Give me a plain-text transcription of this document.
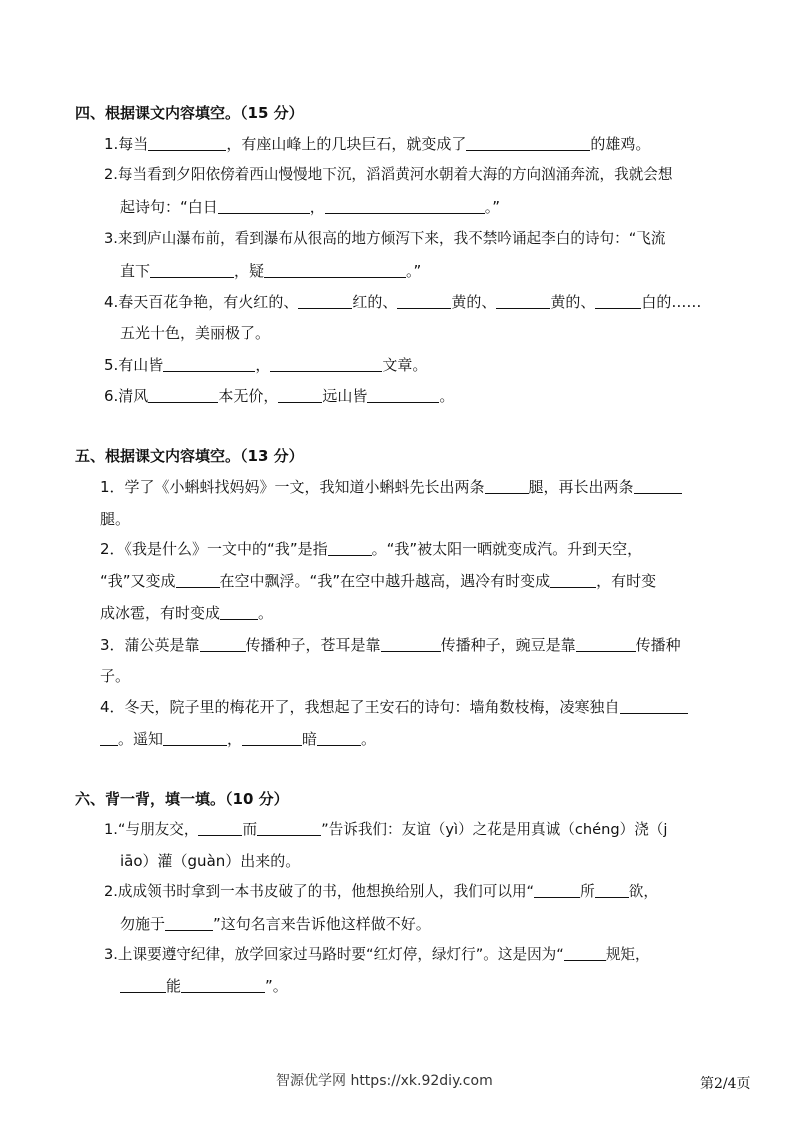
四、根据课文内容填空。（15 分）
1.每当	，有座山峰上的几块巨石，就变成了	的雄鸡。
2.每当看到夕阳依傍着西山慢慢地下沉，滔滔黄河水朝着大海的方向汹涌奔流，我就会想
起诗句：“白日	，	。”
3.来到庐山瀑布前，看到瀑布从很高的地方倾泻下来，我不禁吟诵起李白的诗句：“飞流
直下	，疑	。”
4.春天百花争艳，有火红的、	红的、	黄的、	黄的、	白的……
五光十色，美丽极了。
5.有山皆	，	文章。
6.清风	本无价，	远山皆	。
五、根据课文内容填空。（13 分）
1．学了《小蝌蚪找妈妈》一文，我知道小蝌蚪先长出两条	腿，再长出两条
腿。
2．《我是什么》一文中的“我”是指	。“我”被太阳一晒就变成汽。升到天空，
“我”又变成	在空中飘浮。“我”在空中越升越高，遇冷有时变成	，有时变
成冰雹，有时变成	。
3．蒲公英是靠	传播种子，苍耳是靠	传播种子，豌豆是靠	传播种
子。
4．冬天，院子里的梅花开了，我想起了王安石的诗句：墙角数枝梅，凌寒独自
。遥知	，	暗	。
六、背一背，填一填。（10 分）
1.“与朋友交，	而	”告诉我们：友谊（yì）之花是用真诚（chéng）浇（j
iāo）灌（guàn）出来的。
2.成成领书时拿到一本书皮破了的书，他想换给别人，我们可以用“	所 欲，
勿施于	”这句名言来告诉他这样做不好。
3.上课要遵守纪律，放学回家过马路时要“红灯停，绿灯行”。这是因为“	规矩，
能	”。
智源优学网 https://xk.92diy.com	第2/4页
